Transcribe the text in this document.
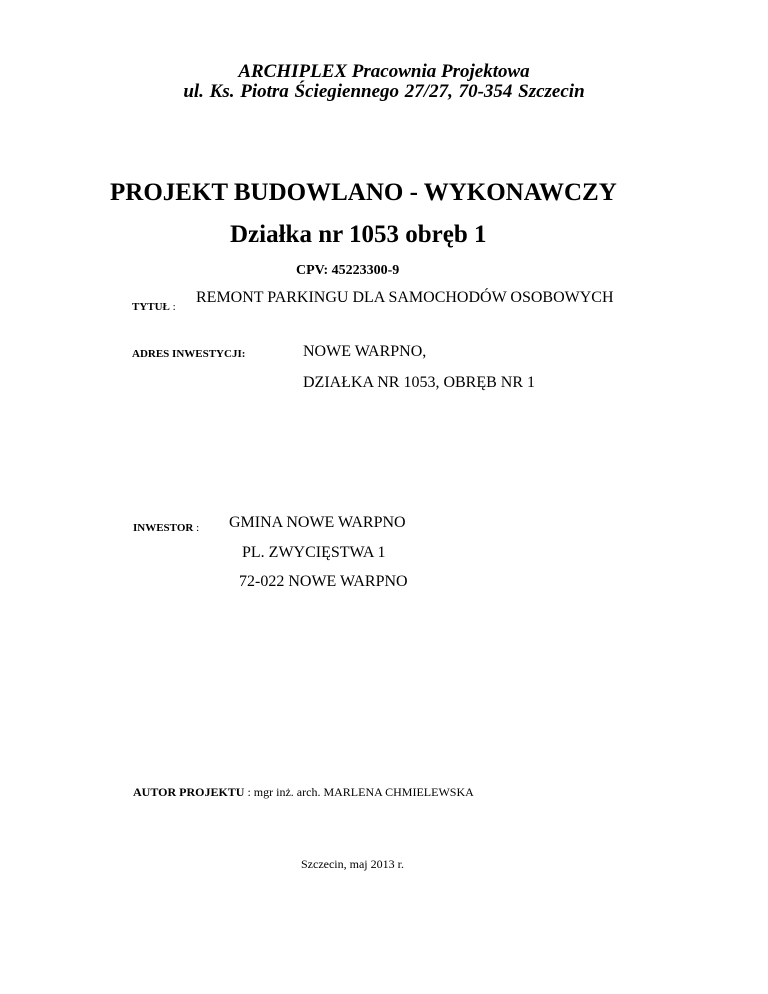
ARCHIPLEX Pracownia Projektowa
ul. Ks. Piotra Ściegiennego 27/27, 70-354 Szczecin
PROJEKT BUDOWLANO - WYKONAWCZY
Działka nr 1053 obręb 1
CPV: 45223300-9
TYTUŁ :
REMONT PARKINGU DLA SAMOCHODÓW OSOBOWYCH
ADRES INWESTYCJI:	NOWE WARPNO,
DZIAŁKA NR 1053, OBRĘB NR 1
INWESTOR : GMINA NOWE WARPNO
PL. ZWYCIĘSTWA 1
72-022 NOWE WARPNO
AUTOR PROJEKTU : mgr inż. arch. MARLENA CHMIELEWSKA
Szczecin, maj 2013 r.
